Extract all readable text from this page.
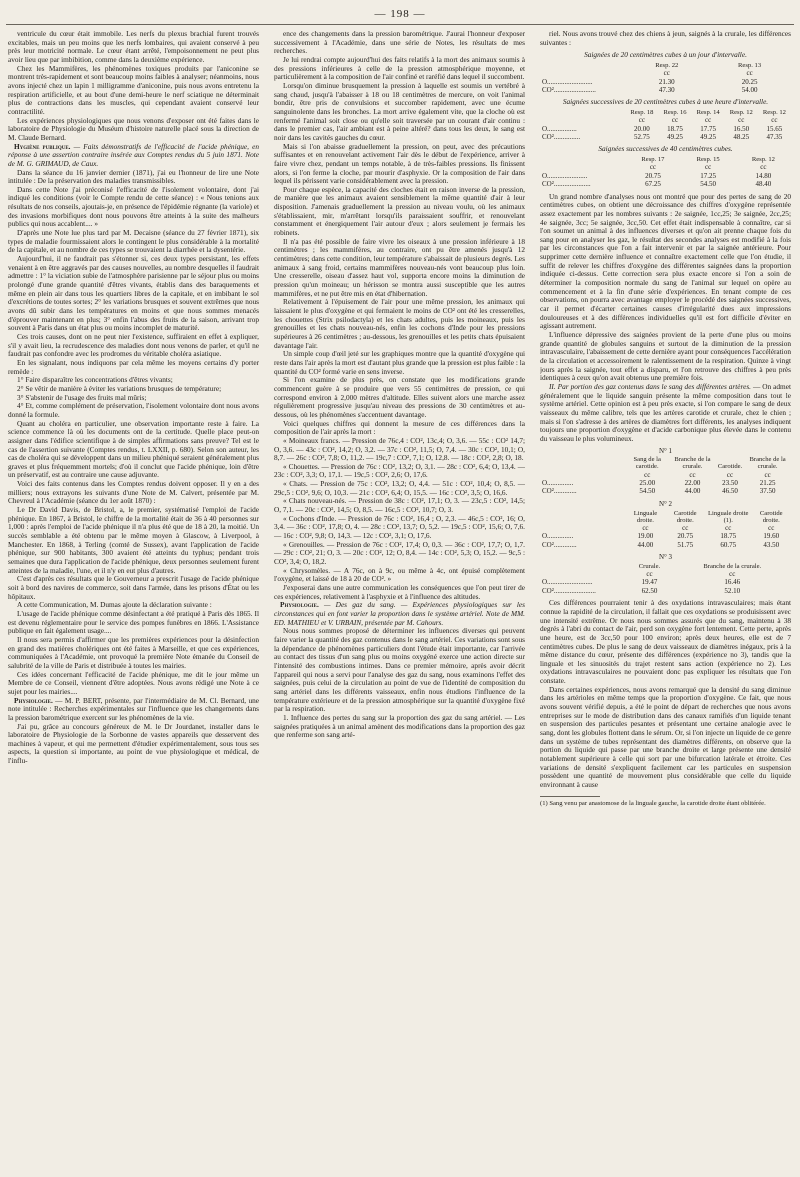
— 198 —

ventricule du cœur était immobile. Les nerfs du plexus brachial furent trouvés excitables, mais un peu moins que les nerfs lombaires, qui avaient conservé à peu près leur motricité normale. Le cœur étant arrêté, l'empoisonnement ne peut plus avoir lieu que par imbibition, comme dans la deuxième expérience.

Chez les Mammifères, les phénomènes toxiques produits par l'aniconine se montrent très-rapidement et sont beaucoup moins faibles à analyser; néanmoins, nous avons injecté chez un lapin 1 milligramme d'aniconine, puis nous avons entretenu la respiration artificielle, et au bout d'une demi-heure le nerf sciatique ne déterminait plus de contractions dans les muscles, qui cependant avaient conservé leur contractilité.

Les expériences physiologiques que nous venons d'exposer ont été faites dans le laboratoire de Physiologie du Muséum d'histoire naturelle placé sous la direction de M. Claude Bernard.

Hygiène publique. — Faits démonstratifs de l'efficacité de l'acide phénique, en réponse à une assertion contraire insérée aux Comptes rendus du 5 juin 1871. Note de M. G. GRIMAUD, de Caux.

Dans la séance du 16 janvier dernier (1871), j'ai eu l'honneur de lire une Note intitulée : De la préservation des maladies transmissibles.

Dans cette Note j'ai préconisé l'efficacité de l'isolement volontaire, dont j'ai indiqué les conditions (voir le Compte rendu de cette séance) : « Nous tenions aux résultats de nos conseils, ajoutais-je, en présence de l'épidémie régnante (la variole) et des invasions morbifiques dont nous pouvons être atteints à la suite des malheurs publics qui nous accablent.... »

D'après une Note lue plus tard par M. Decaisne (séance du 27 février 1871), six types de maladie fourmissaient alors le contingent le plus considérable à la mortalité de la capitale, et au nombre de ces types se trouvaient la diarrhée et la dysentérie.

Aujourd'hui, il ne faudrait pas s'étonner si, ces deux types persistant, les effets venaient à en être aggravés par des causes nouvelles, au nombre desquelles il faudrait admettre : 1° la viciation subie de l'atmosphère parisienne par le séjour plus ou moins prolongé d'une grande quantité d'êtres vivants, établis dans des baraquements et même en plein air dans tous les quartiers libres de la capitale, et en imbibant le sol d'excrétions de toutes sortes; 2° les variations brusques et souvent extrêmes que nous avons dû subir dans les températures en moins et que nous sommes menacés d'éprouver maintenant en plus; 3° enfin l'abus des fruits de la saison, arrivant trop souvent à Paris dans un état plus ou moins incomplet de maturité.

Ces trois causes, dont on ne peut nier l'existence, suffiraient en effet à expliquer, s'il y avait lieu, la recrudescence des maladies dont nous venons de parler, et qu'il ne faudrait pas confondre avec les prodromes du véritable choléra asiatique.

En les signalant, nous indiquons par cela même les moyens certains d'y porter remède :

1° Faire disparaître les concentrations d'êtres vivants;

2° Se vêtir de manière à éviter les variations brusques de température;

3° S'abstenir de l'usage des fruits mal mûris;

4° Et, comme complément de préservation, l'isolement volontaire dont nous avons donné la formule.

Quant au choléra en particulier, une observation importante reste à faire. La science commence là où les documents ont de la certitude. Quelle place peut-on assigner dans l'édifice scientifique à de simples affirmations sans preuve? Tel est le cas de l'assertion suivante (Comptes rendus, t. LXXII, p. 680). Selon son auteur, les cas de choléra qui se développent dans un milieu phéniqué seraient généralement plus graves et plus fréquemment mortels; d'où il conclut que l'acide phénique, loin d'être un préservatif, est au contraire une cause adjuvante.

Voici des faits contenus dans les Comptes rendus doivent opposer. Il y en a des milliers; nous extrayons les suivants d'une Note de M. Calvert, présentée par M. Chevreul à l'Académie (séance du 1er août 1870) :

Le Dr David Davis, de Bristol, a, le premier, systématisé l'emploi de l'acide phénique. En 1867, à Bristol, le chiffre de la mortalité était de 36 à 40 personnes sur 1,000 : après l'emploi de l'acide phénique il n'a plus été que de 18 à 20, la moitié. Un succès semblable a été obtenu par le même moyen à Glascow, à Liverpool, à Manchester. En 1868, à Terling (comté de Sussex), avant l'application de l'acide phénique, sur 900 habitants, 300 avaient été atteints du typhus; pendant trois semaines que dura l'application de l'acide phénique, deux personnes seulement furent atteintes de la maladie, l'une, et il n'y en eut plus d'autres.

C'est d'après ces résultats que le Gouverneur a prescrit l'usage de l'acide phénique soit à bord des navires de commerce, soit dans l'armée, dans les prisons d'État ou les hôpitaux.

A cette Communication, M. Dumas ajoute la déclaration suivante :

L'usage de l'acide phénique comme désinfectant a été pratiqué à Paris dès 1865. Il est devenu réglementaire pour le service des pompes funèbres en 1866. L'Assistance publique en fait également usage....

Il nous sera permis d'affirmer que les premières expériences pour la désinfection en grand des matières cholériques ont été faites à Marseille, et que ces expériences, communiquées à l'Académie, ont provoqué la première Note émanée du Conseil de salubrité de la ville de Paris et distribuée à toutes les mairies.

Ces idées concernant l'efficacité de l'acide phénique, me dit le jour même un Membre de ce Conseil, viennent d'être adoptées. Nous avons rédigé une Note à ce sujet pour les mairies....

Physiologie. — M. P. BERT, présente, par l'intermédiaire de M. Cl. Bernard, une note intitulée : Recherches expérimentales sur l'influence que les changements dans la pression barométrique exercent sur les phénomènes de la vie.

J'ai pu, grâce au concours généreux de M. le Dr Jourdanet, installer dans le laboratoire de Physiologie de la Sorbonne de vastes appareils que desservent des machines à vapeur, et qui me permettent d'étudier expérimentalement, sous tous ses aspects, la question si importante, au point de vue physiologique et médical, de l'influ-

ence des changements dans la pression barométrique. J'aurai l'honneur d'exposer successivement à l'Académie, dans une série de Notes, les résultats de mes recherches.

Je lui rendrai compte aujourd'hui des faits relatifs à la mort des animaux soumis à des pressions inférieures à celle de la pression atmosphérique moyenne, et particulièrement à la composition de l'air confiné et raréfié dans lequel il succombent.

Lorsqu'on diminue brusquement la pression à laquelle est soumis un vertébré à sang chaud, jusqu'à l'abaisser à 18 ou 18 centimètres de mercure, on voit l'animal bondir, être pris de convulsions et succomber rapidement, avec une écume sanguinolente dans les bronches. La mort arrive également vite, que la cloche où est renfermé l'animal soit close ou qu'elle soit traversée par un courant d'air continu : dans le premier cas, l'air ambiant est à peine altéré? dans tous les deux, le sang est noir dans les cavités gauches du cœur.

Mais si l'on abaisse graduellement la pression, on peut, avec des précautions suffisantes et en renouvelant activement l'air dès le début de l'expérience, arriver à faire vivre chez, pendant un temps notable, à de très-faibles pressions. Ils finissent alors, si l'on ferme la cloche, par mourir d'asphyxie. Or la composition de l'air dans lequel ils périssent varie considérablement avec la pression.

Pour chaque espèce, la capacité des cloches était en raison inverse de la pression, de manière que les animaux avaient sensiblement la même quantité d'air à leur disposition. J'amenais graduellement la pression au niveau voulu, où les animaux s'établissaient, mir, m'arrêtant lorsqu'ils paraissaient souffrir, et renouvelant constamment et énergiquement l'air autour d'eux ; alors seulement je fermais les robinets.

Il n'a pas été possible de faire vivre les oiseaux à une pression inférieure à 18 centimètres ; les mammifères, au contraire, ont pu être amenés jusqu'à 12 centimètres; dans cette condition, leur température s'abaissait de plusieurs degrés. Les animaux à sang froid, certains mammifères nouveau-nés vont beaucoup plus loin. Une cresserelle, oiseau d'assez haut vol, supporta encore moins la diminution de pression qu'un moineau; un hérisson se montra aussi susceptible que les autres mammifères, et ne put être mis en état d'hibernation.

Relativement à l'épuisement de l'air pour une même pression, les animaux qui laissaient le plus d'oxygène et qui fermaient le moins de CO² ont été les cresserelles, les chouettes (Strix psilodactyla) et les chats adultes, puis les moineaux, puis les grenouilles et les chats nouveau-nés, enfin les cochons d'Inde pour les pressions supérieures à 26 centimètres ; au-dessous, les grenouilles et les petits chats épuisaient davantage l'air.

Un simple coup d'œil jeté sur les graphiques montre que la quantité d'oxygène qui reste dans l'air après la mort est d'autant plus grande que la pression est plus faible : la quantité du CO² formé varie en sens inverse.

Si l'on examine de plus près, on constate que les modifications grande commencent guère à se produire que vers 55 centimètres de pression, ce qui correspond environ à 2,000 mètres d'altitude. Elles suivent alors une marche assez régulièrement progressive jusqu'au niveau des pressions de 30 centimètres et au-dessous, où les phénomènes s'accentuent davantage.

Voici quelques chiffres qui donnent la mesure de ces différences dans la composition de l'air après la mort :

« Moineaux francs. — Pression de 76c,4 : CO², 13c,4; O, 3,6. — 55c : CO² 14,7; O, 3,6. — 43c : CO², 14,2; O, 3,2. — 37c : CO², 11,5; O, 7,4. — 30c : CO², 10,1; O, 8,7. — 26c : CO², 7,8; O, 11,2. — 19c,7 : CO², 7,1; O, 12,8. — 18c : CO², 2,8; O, 18.

« Chouettes. — Pression de 76c : CO², 13,2; O, 3,1. — 28c : CO², 6,4; O, 13,4. — 23c : CO², 3,3; O, 17,1. — 19c,5 : CO², 2,6; O, 17,6.

« Chats. — Pression de 75c : CO², 13,2; O, 4,4. — 51c : CO², 10,4; O, 8,5. — 29c,5 : CO², 9,6; O, 10,3. — 21c : CO², 6,4; O, 15,5. — 16c : CO², 3,5; O, 16,6.

« Chats nouveau-nés. — Pression de 38c : CO², 17,1; O, 3. — 23c,5 : CO², 14,5; O, 7,1. — 20c : CO², 14,5; O, 8,5. — 16c,5 : CO², 10,7; O, 3.

« Cochons d'Inde. — Pression de 76c : CO², 16,4 ; O, 2,3. — 46c,5 : CO², 16; O, 3,4. — 36c : CO², 17,8; O, 4. — 28c : CO², 13,7; O, 5,2. — 19c,5 : CO², 15,6; O, 7,6. — 16c : CO², 9,8; O, 14,3. — 12c : CO², 3,1; O, 17,6.

« Grenouilles. — Pression de 76c : CO², 17,4; O, 0,3. — 36c : CO², 17,7; O, 1,7. — 29c : CO², 21; O, 3. — 20c : CO², 12; O, 8,4. — 14c : CO², 5,3; O, 15,2. — 9c,5 : CO², 3,4; O, 18,2.

« Chrysomèles. — A 76c, on à 9c, ou même à 4c, ont épuisé complètement l'oxygène, et laissé de 18 à 20 de CO². »

J'exposerai dans une autre communication les conséquences que l'on peut tirer de ces expériences, relativement à l'asphyxie et à l'influence des altitudes.

Physiologie. — Des gaz du sang. — Expériences physiologiques sur les circonstances qui en font varier la proportion dans le système artériel. Note de MM. ED. MATHIEU et V. URBAIN, présentée par M. Cahours.

Nous nous sommes proposé de déterminer les influences diverses qui peuvent faire varier la quantité des gaz contenus dans le sang artériel. Ces variations sont sous la dépendance de phénomènes particuliers dont l'étude était importante, car l'arrivée au contact des tissus d'un sang plus ou moins oxygéné exerce une action directe sur l'intensité des combustions intimes. Dans ce premier mémoire, après avoir décrit l'appareil qui nous a servi pour l'analyse des gaz du sang, nous examinons l'effet des saignées, puis celui de la circulation au point de vue de l'identité de composition du sang artériel dans les différents vaisseaux, enfin nous étudions l'influence de la température extérieure et de la pression atmosphérique sur la quantité d'oxygène fixé par la respiration.

1. Influence des pertes du sang sur la proportion des gaz du sang artériel. — Les saignées pratiquées à un animal amènent des modifications dans la proportion des gaz que renferme son sang arté-

riel. Nous avons trouvé chez des chiens à jeun, saignés à la crurale, les différences suivantes :

Saignées de 20 centimètres cubes à un jour d'intervalle.

	Resp. 22	Resp. 13
	cc	cc
O..........................	21.30	20.25
CO²........................	47.30	54.00

Saignées successives de 20 centimètres cubes à une heure d'intervalle.

	Resp. 18	Resp. 16	Resp. 14	Resp. 12	Resp. 12
	cc	cc	cc	cc	cc
O.................	20.00	18.75	17.75	16.50	15.65
CO²...............	52.75	49.25	49.25	48.25	47.35

Saignées successives de 40 centimètres cubes.

	Resp. 17	Resp. 15	Resp. 12
	cc	cc	cc
O.......................	20.75	17.25	14.80
CO².....................	67.25	54.50	48.40

Un grand nombre d'analyses nous ont montré que pour des pertes de sang de 20 centimètres cubes, on obtient une décroissance des chiffres d'oxygène représentée assez exactement par les nombres suivants : 2e saignée, 1cc,25; 3e saignée, 2cc,25; 4e saignée, 3cc; 5e saignée, 3cc,50. Cet effet était indispensable à connaître, car si l'on soumet un animal à des influences diverses et qu'on ait prenne chaque fois du sang pour en analyser les gaz, le résultat des secondes analyses est modifié à la fois par les circonstances que l'on a fait intervenir et par la saignée antérieure. Pour supprimer cette dernière influence et connaître exactement celle que l'on étudie, il suffit de relever les chiffres d'oxygène des différentes saignées dans la proportion indiquée ci-dessus. Cette correction sera plus exacte encore si l'on a soin de déterminer la composition normale du sang de l'animal sur lequel on opère au commencement et à la fin d'une série d'expériences. En tenant compte de ces observations, on pourra avec avantage employer le procédé des saignées successives, car il permet d'écarter certaines causes d'irrégularité dues aux impressions douloureuses et à des différences individuelles qu'il est fort difficile d'éviter en agissant autrement.

L'influence dépressive des saignées provient de la perte d'une plus ou moins grande quantité de globules sanguins et surtout de la diminution de la pression intravasculaire, l'abaissement de cette dernière ayant pour conséquences l'accélération de la circulation et accessoirement le ralentissement de la respiration. Quinze à vingt jours après la saignée, tout effet a disparu, et l'on retrouve des chiffres à peu près identiques à ceux qu'on avait obtenus une première fois.

II. Par portion des gaz contenus dans le sang des différentes artères. — On admet généralement que le liquide sanguin présente la même composition dans tout le système artériel. Cette opinion est à peu près exacte, si l'on compare le sang de deux vaisseaux du même calibre, tels que les artères carotide et crurale, chez le chien ; mais si l'on s'adresse à des artères de diamètres fort différents, les analyses indiquent toujours une proportion d'oxygène et d'acide carbonique plus élevée dans le contenu du vaisseau le plus volumineux.

N° 1
	Sang de la carotide.	Branche de la crurale.	Carotide.	Branche de la crurale.
	cc	cc	cc	cc
O...............	25.00	22.00	23.50	21.25
CO².............	54.50	44.00	46.50	37.50
N° 2
	Linguale droite.	Carotide droite.	Linguale droite (1).	Carotide droite.
	cc	cc	cc	cc
O...............	19.00	20.75	18.75	19.60
CO².............	44.00	51.75	60.75	43.50
N° 3
	Crurale.	Branche de la crurale.
	cc	cc
O..........................	19.47	16.46
CO²........................	62.50	52.10

Ces différences pourraient tenir à des oxydations intravasculaires; mais étant connue la rapidité de la circulation, il fallait que ces oxydations se produisissent avec une intensité extrême. Or nous nous sommes assurés que du sang, maintenu à 38 degrés à l'abri du contact de l'air, perd son oxygène fort lentement. Cette perte, après une heure, est de 3cc,50 pour 100 environ; après deux heures, elle est de 7 centimètres cubes. De plus le sang de deux vaisseaux de diamètres inégaux, pris à la même distance du cœur, présente des différences (expérience no 3), tandis que la linguale et les sinuosités du trajet restent sans action (expérience no 2). Les oxydations intravasculaires ne pouvaient donc pas expliquer les résultats que l'on constate.

Dans certaines expériences, nous avons remarqué que la densité du sang diminue dans les artérioles en même temps que la proportion d'oxygène. Ce fait, que nous avons souvent vérifié depuis, a été le point de départ de recherches que nous avons entreprises sur le mode de distribution dans des canaux ramifiés d'un liquide tenant en suspension des particules pesantes et présentant une certaine analogie avec le sang, dont les globules flottent dans le sérum. Or, si l'on injecte un liquide de ce genre dans un système de tubes représentant des diamètres différents, on observe que la portion du liquide qui passe par une branche droite et large présente une densité notablement supérieure à celle qui sort par une bifurcation latérale et étroite. Ces variations de densité s'expliquent facilement car les particules en suspension possèdent une quantité de mouvement plus considérable que celle du liquide environnant à cause

(1) Sang venu par anastomose de la linguale gauche, la carotide droite étant oblitérée.
